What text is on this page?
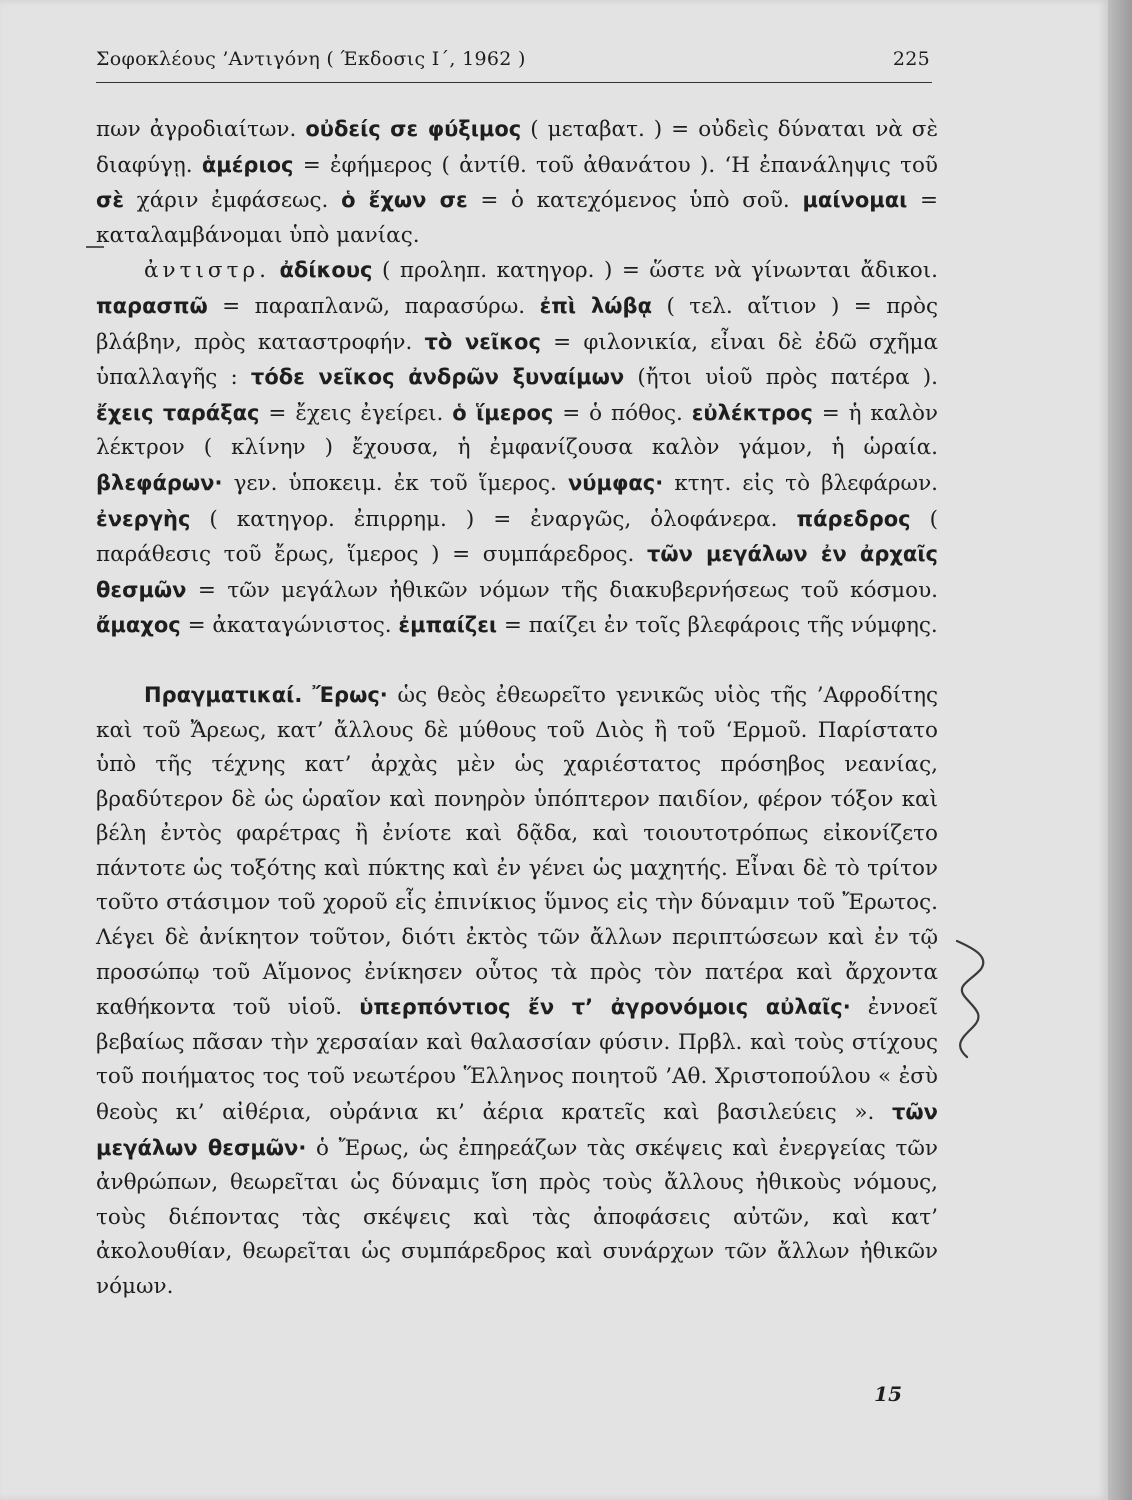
Σοφοκλέους ’Αντιγόνη ( Έκδοσις Ι΄, 1962 )	225

πων ἀγροδιαίτων. οὐδείς σε φύξιμος ( μεταβατ. ) = οὐδεὶς δύναται νὰ σὲ διαφύγῃ. ἁμέριος = ἐφήμερος ( ἀντίθ. τοῦ ἀθανάτου ). ‘Η ἐπανάληψις τοῦ σὲ χάριν ἐμφάσεως. ὁ ἔχων σε = ὁ κατεχόμενος ὑπὸ σοῦ. μαίνομαι = καταλαμβάνομαι ὑπὸ μανίας.

ἀντιστρ. ἀδίκους ( προληπ. κατηγορ. ) = ὥστε νὰ γίνωνται ἄδικοι. παρασπῶ = παραπλανῶ, παρασύρω. ἐπὶ λώβᾳ ( τελ. αἴτιον ) = πρὸς βλάβην, πρὸς καταστροφήν. τὸ νεῖκος = φιλονικία, εἶναι δὲ ἐδῶ σχῆμα ὑπαλλαγῆς : τόδε νεῖκος ἀνδρῶν ξυναίμων (ἤτοι υἱοῦ πρὸς πατέρα ). ἔχεις ταράξας = ἔχεις ἐγείρει. ὁ ἵμερος = ὁ πόθος. εὐλέκτρος = ἡ καλὸν λέκτρον ( κλίνην ) ἔχουσα, ἡ ἐμφανίζουσα καλὸν γάμον, ἡ ὡραία. βλεφάρων· γεν. ὑποκειμ. ἐκ τοῦ ἵμερος. νύμφας· κτητ. εἰς τὸ βλεφάρων. ἐνεργὴς ( κατηγορ. ἐπιρρημ. ) = ἐναργῶς, ὁλοφάνερα. πάρεδρος ( παράθεσις τοῦ ἔρως, ἵμερος ) = συμπάρεδρος. τῶν μεγάλων ἐν ἀρχαῖς θεσμῶν = τῶν μεγάλων ἠθικῶν νόμων τῆς διακυβερνήσεως τοῦ κόσμου. ἄμαχος = ἀκαταγώνιστος. ἐμπαίζει = παίζει ἐν τοῖς βλεφάροις τῆς νύμφης.

Πραγματικαί. Ἔρως· ὡς θεὸς ἐθεωρεῖτο γενικῶς υἱὸς τῆς ’Αφροδίτης καὶ τοῦ Ἄρεως, κατ’ ἄλλους δὲ μύθους τοῦ Διὸς ἢ τοῦ ‘Ερμοῦ. Παρίστατο ὑπὸ τῆς τέχνης κατ’ ἀρχὰς μὲν ὡς χαριέστατος πρόσηβος νεανίας, βραδύτερον δὲ ὡς ὡραῖον καὶ πονηρὸν ὑπόπτερον παιδίον, φέρον τόξον καὶ βέλη ἐντὸς φαρέτρας ἢ ἐνίοτε καὶ δᾷδα, καὶ τοιουτοτρόπως εἰκονίζετο πάντοτε ὡς τοξότης καὶ πύκτης καὶ ἐν γένει ὡς μαχητής. Εἶναι δὲ τὸ τρίτον τοῦτο στάσιμον τοῦ χοροῦ εἷς ἐπινίκιος ὕμνος εἰς τὴν δύναμιν τοῦ Ἔρωτος. Λέγει δὲ ἀνίκητον τοῦτον, διότι ἐκτὸς τῶν ἄλλων περιπτώσεων καὶ ἐν τῷ προσώπῳ τοῦ Αἵμονος ἐνίκησεν οὗτος τὰ πρὸς τὸν πατέρα καὶ ἄρχοντα καθήκοντα τοῦ υἱοῦ. ὑπερπόντιος ἔν τ’ ἀγρονόμοις αὐλαῖς· ἐννοεῖ βεβαίως πᾶσαν τὴν χερσαίαν καὶ θαλασσίαν φύσιν. Πρβλ. καὶ τοὺς στίχους τοῦ ποιήματος τος τοῦ νεωτέρου Ἕλληνος ποιητοῦ ’Αθ. Χριστοπούλου « ἐσὺ θεοὺς κι’ αἰθέρια, οὐράνια κι’ ἀέρια κρατεῖς καὶ βασιλεύεις ». τῶν μεγάλων θεσμῶν· ὁ Ἔρως, ὡς ἐπηρεάζων τὰς σκέψεις καὶ ἐνεργείας τῶν ἀνθρώπων, θεωρεῖται ὡς δύναμις ἴση πρὸς τοὺς ἄλλους ἠθικοὺς νόμους, τοὺς διέποντας τὰς σκέψεις καὶ τὰς ἀποφάσεις αὐτῶν, καὶ κατ’ ἀκολουθίαν, θεωρεῖται ὡς συμπάρεδρος καὶ συνάρχων τῶν ἄλλων ἠθικῶν νόμων.

15
